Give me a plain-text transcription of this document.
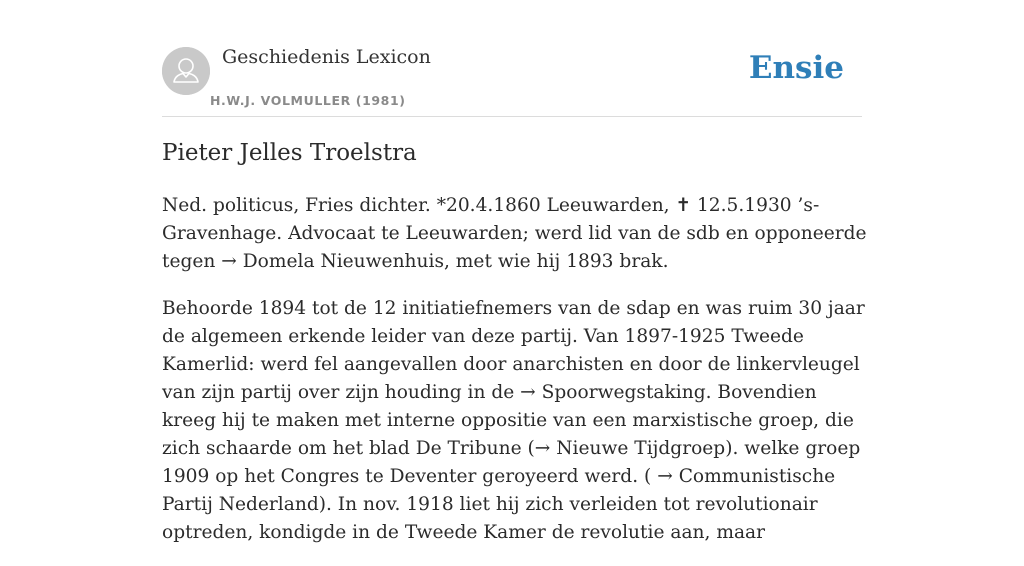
Geschiedenis Lexicon
H.W.J. VOLMULLER (1981)
Ensie
Pieter Jelles Troelstra

Ned. politicus, Fries dichter. *20.4.1860 Leeuwarden, ✝ 12.5.1930 ’s-Gravenhage. Advocaat te Leeuwarden; werd lid van de sdb en opponeerde tegen → Domela Nieuwenhuis, met wie hij 1893 brak.

Behoorde 1894 tot de 12 initiatiefnemers van de sdap en was ruim 30 jaar de algemeen erkende leider van deze partij. Van 1897-1925 Tweede Kamerlid: werd fel aangevallen door anarchisten en door de linkervleugel van zijn partij over zijn houding in de → Spoorwegstaking. Bovendien kreeg hij te maken met interne oppositie van een marxistische groep, die zich schaarde om het blad De Tribune (→ Nieuwe Tijdgroep). welke groep 1909 op het Congres te Deventer geroyeerd werd. ( → Communistische Partij Nederland). In nov. 1918 liet hij zich verleiden tot revolutionair optreden, kondigde in de Tweede Kamer de revolutie aan, maar
